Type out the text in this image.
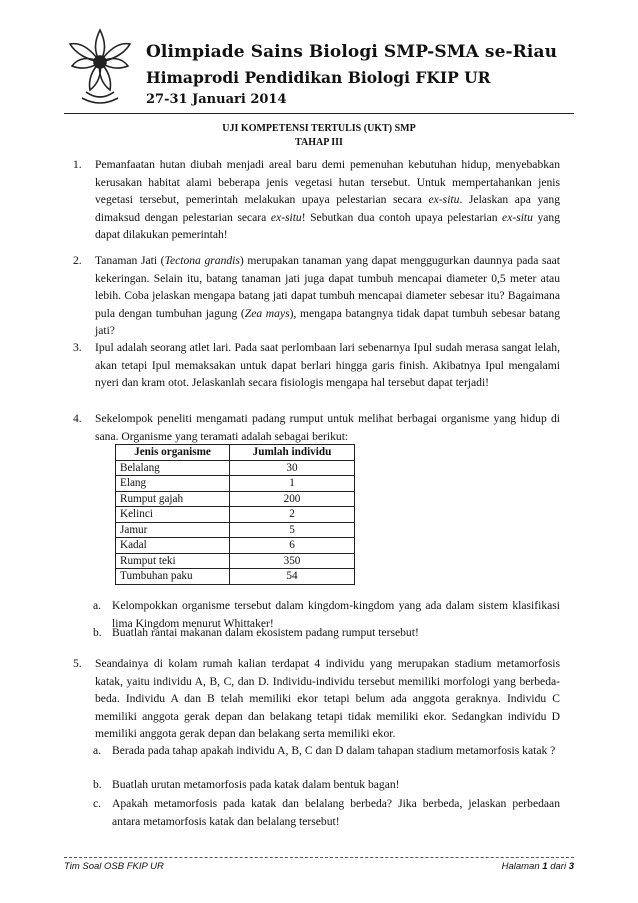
Olimpiade Sains Biologi SMP-SMA se-Riau
Himaprodi Pendidikan Biologi FKIP UR
27-31 Januari 2014
UJI KOMPETENSI TERTULIS (UKT) SMP
TAHAP III
1. Pemanfaatan hutan diubah menjadi areal baru demi pemenuhan kebutuhan hidup, menyebabkan kerusakan habitat alami beberapa jenis vegetasi hutan tersebut. Untuk mempertahankan jenis vegetasi tersebut, pemerintah melakukan upaya pelestarian secara ex-situ. Jelaskan apa yang dimaksud dengan pelestarian secara ex-situ! Sebutkan dua contoh upaya pelestarian ex-situ yang dapat dilakukan pemerintah!

2. Tanaman Jati (Tectona grandis) merupakan tanaman yang dapat menggugurkan daunnya pada saat kekeringan. Selain itu, batang tanaman jati juga dapat tumbuh mencapai diameter 0,5 meter atau lebih. Coba jelaskan mengapa batang jati dapat tumbuh mencapai diameter sebesar itu? Bagaimana pula dengan tumbuhan jagung (Zea mays), mengapa batangnya tidak dapat tumbuh sebesar batang jati?

3. Ipul adalah seorang atlet lari. Pada saat perlombaan lari sebenarnya Ipul sudah merasa sangat lelah, akan tetapi Ipul memaksakan untuk dapat berlari hingga garis finish. Akibatnya Ipul mengalami nyeri dan kram otot. Jelaskanlah secara fisiologis mengapa hal tersebut dapat terjadi!

4. Sekelompok peneliti mengamati padang rumput untuk melihat berbagai organisme yang hidup di sana. Organisme yang teramati adalah sebagai berikut:

Jenis organisme	Jumlah individu
Belalang	30
Elang	1
Rumput gajah	200
Kelinci	2
Jamur	5
Kadal	6
Rumput teki	350
Tumbuhan paku	54
a. Kelompokkan organisme tersebut dalam kingdom-kingdom yang ada dalam sistem klasifikasi lima Kingdom menurut Whittaker!
b. Buatlah rantai makanan dalam ekosistem padang rumput tersebut!
5. Seandainya di kolam rumah kalian terdapat 4 individu yang merupakan stadium metamorfosis katak, yaitu individu A, B, C, dan D. Individu-individu tersebut memiliki morfologi yang berbeda-beda. Individu A dan B telah memiliki ekor tetapi belum ada anggota geraknya. Individu C memiliki anggota gerak depan dan belakang tetapi tidak memiliki ekor. Sedangkan individu D memiliki anggota gerak depan dan belakang serta memiliki ekor.

a. Berada pada tahap apakah individu A, B, C dan D dalam tahapan stadium metamorfosis katak ?
b. Buatlah urutan metamorfosis pada katak dalam bentuk bagan!
c. Apakah metamorfosis pada katak dan belalang berbeda? Jika berbeda, jelaskan perbedaan antara metamorfosis katak dan belalang tersebut!
Tim Soal OSB FKIP UR	Halaman 1 dari 3
